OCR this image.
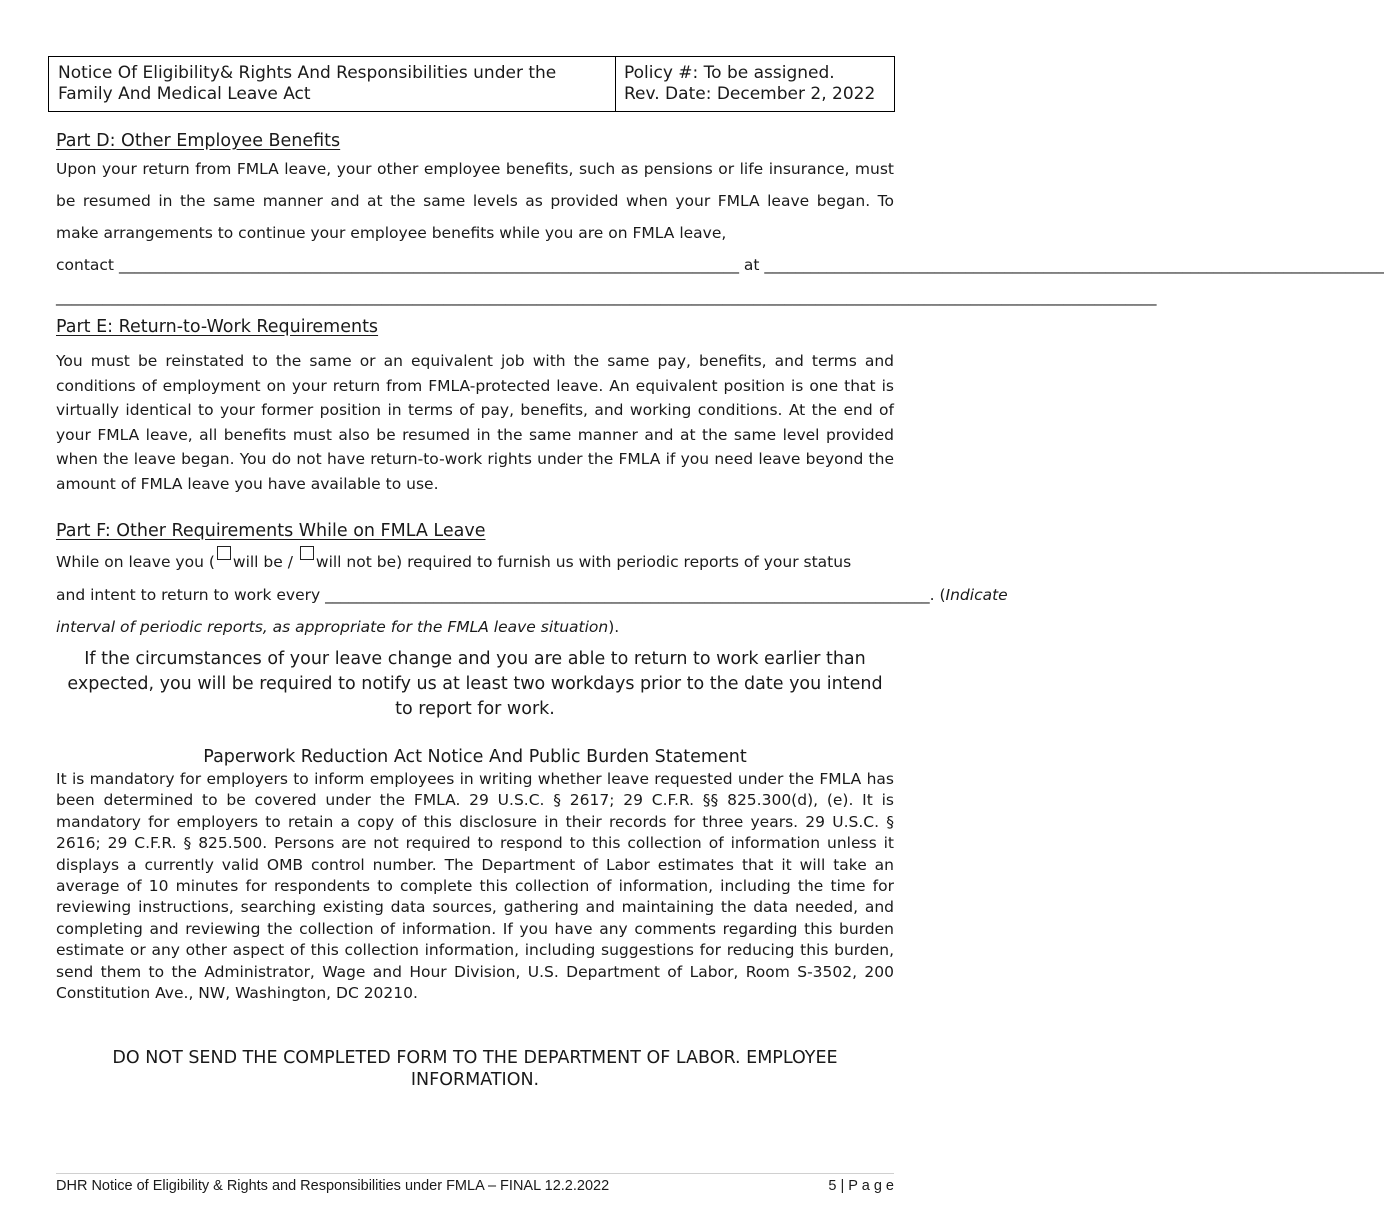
Notice Of Eligibility& Rights And Responsibilities under the Family And Medical Leave Act
Policy #: To be assigned.
Rev. Date: December 2, 2022
Part D: Other Employee Benefits
Upon your return from FMLA leave, your other employee benefits, such as pensions or life insurance, must be resumed in the same manner and at the same levels as provided when your FMLA leave began. To make arrangements to continue your employee benefits while you are on FMLA leave,
contact
________________________________________________________________________________
at
________________________________________________________________________________
______________________________________________________________________________________________________________________________________________
Part E: Return-to-Work Requirements
You must be reinstated to the same or an equivalent job with the same pay, benefits, and terms and conditions of employment on your return from FMLA-protected leave. An equivalent position is one that is virtually identical to your former position in terms of pay, benefits, and working conditions. At the end of your FMLA leave, all benefits must also be resumed in the same manner and at the same level provided when the leave began. You do not have return-to-work rights under the FMLA if you need leave beyond the amount of FMLA leave you have available to use.
Part F: Other Requirements While on FMLA Leave
While on leave you ( will be /
will not be) required to furnish us with periodic reports of your status
and intent to return to work every
______________________________________________________________________________ . ( Indicate
interval of periodic reports, as appropriate for the FMLA leave situation).
If the circumstances of your leave change and you are able to return to work earlier than expected, you will be required to notify us at least two workdays prior to the date you intend to report for work.
Paperwork Reduction Act Notice And Public Burden Statement
It is mandatory for employers to inform employees in writing whether leave requested under the FMLA has been determined to be covered under the FMLA. 29 U.S.C. § 2617; 29 C.F.R. §§ 825.300(d), (e). It is mandatory for employers to retain a copy of this disclosure in their records for three years. 29 U.S.C. § 2616; 29 C.F.R. § 825.500. Persons are not required to respond to this collection of information unless it displays a currently valid OMB control number. The Department of Labor estimates that it will take an average of 10 minutes for respondents to complete this collection of information, including the time for reviewing instructions, searching existing data sources, gathering and maintaining the data needed, and completing and reviewing the collection of information. If you have any comments regarding this burden estimate or any other aspect of this collection information, including suggestions for reducing this burden, send them to the Administrator, Wage and Hour Division, U.S. Department of Labor, Room S-3502, 200 Constitution Ave., NW, Washington, DC 20210.
DO NOT SEND THE COMPLETED FORM TO THE DEPARTMENT OF LABOR. EMPLOYEE INFORMATION.
DHR Notice of Eligibility & Rights and Responsibilities under FMLA – FINAL 12.2.2022	5 | P a g e
